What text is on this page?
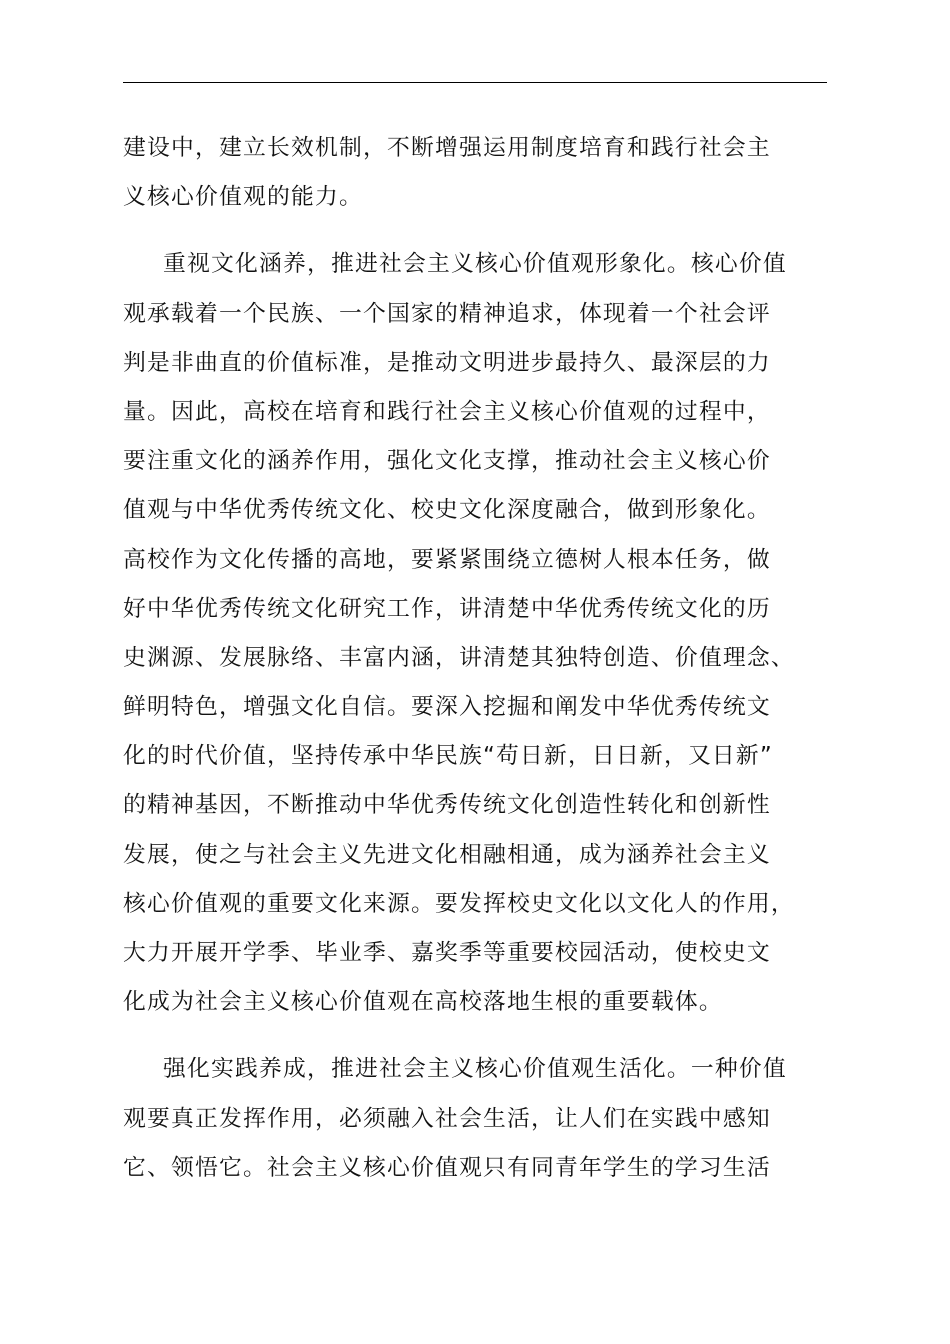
建设中，建立长效机制，不断增强运用制度培育和践行社会主
义核心价值观的能力。

重视文化涵养，推进社会主义核心价值观形象化。核心价值
观承载着一个民族、一个国家的精神追求，体现着一个社会评
判是非曲直的价值标准，是推动文明进步最持久、最深层的力
量。因此，高校在培育和践行社会主义核心价值观的过程中，
要注重文化的涵养作用，强化文化支撑，推动社会主义核心价
值观与中华优秀传统文化、校史文化深度融合，做到形象化。
高校作为文化传播的高地，要紧紧围绕立德树人根本任务，做
好中华优秀传统文化研究工作，讲清楚中华优秀传统文化的历
史渊源、发展脉络、丰富内涵，讲清楚其独特创造、价值理念、
鲜明特色，增强文化自信。要深入挖掘和阐发中华优秀传统文
化的时代价值，坚持传承中华民族“苟日新，日日新，又日新”
的精神基因，不断推动中华优秀传统文化创造性转化和创新性
发展，使之与社会主义先进文化相融相通，成为涵养社会主义
核心价值观的重要文化来源。要发挥校史文化以文化人的作用，
大力开展开学季、毕业季、嘉奖季等重要校园活动，使校史文
化成为社会主义核心价值观在高校落地生根的重要载体。

强化实践养成，推进社会主义核心价值观生活化。一种价值
观要真正发挥作用，必须融入社会生活，让人们在实践中感知
它、领悟它。社会主义核心价值观只有同青年学生的学习生活
